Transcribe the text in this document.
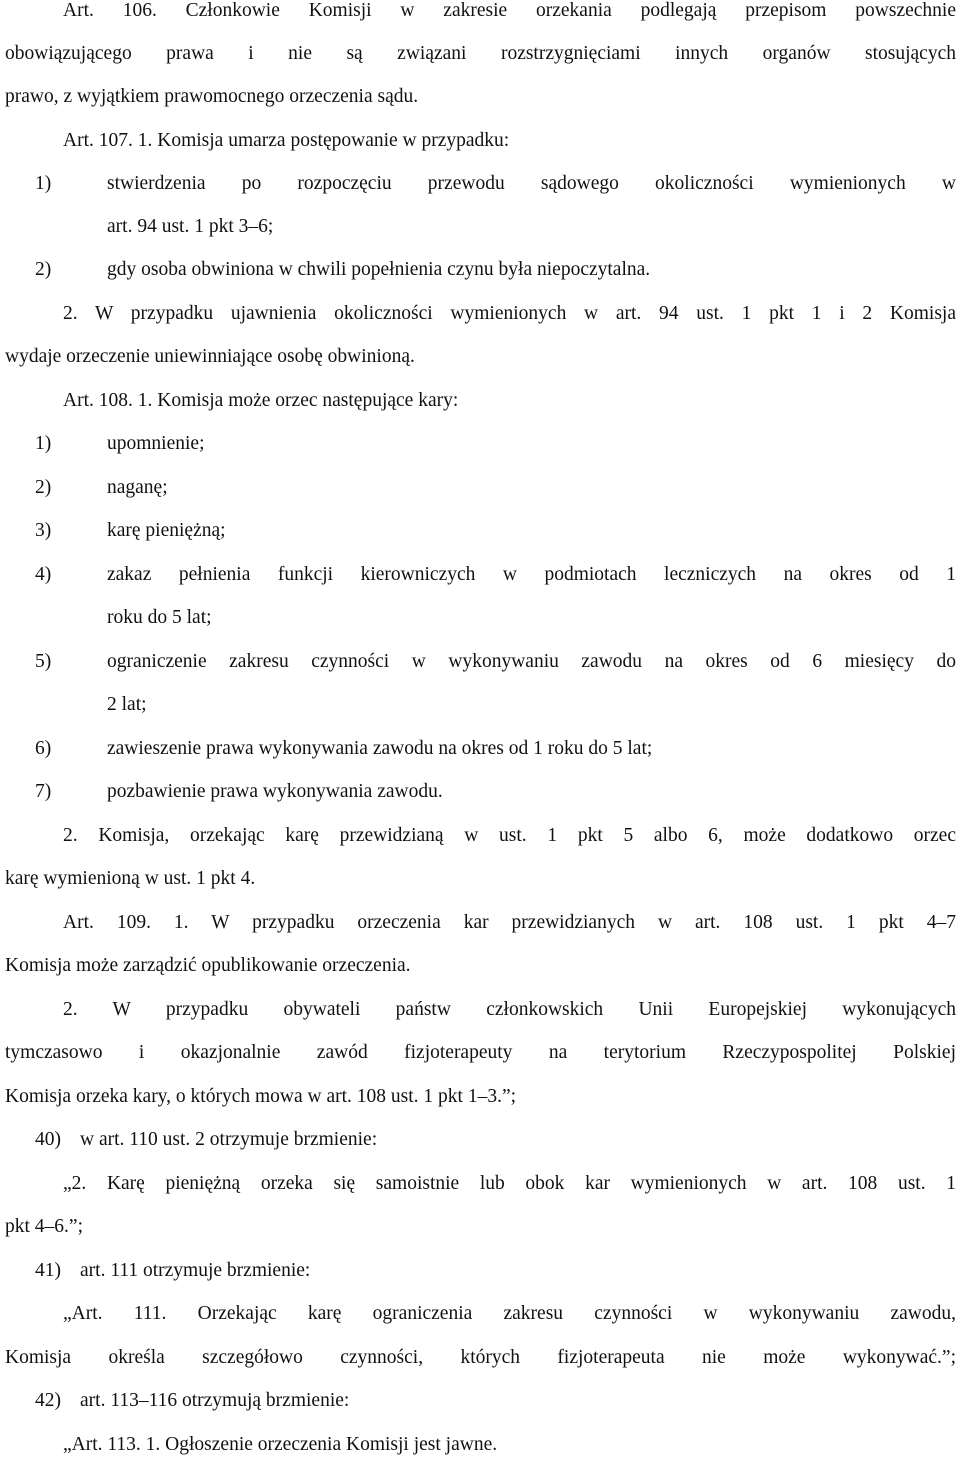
Art. 106. Członkowie Komisji w zakresie orzekania podlegają przepisom powszechnie
obowiązującego prawa i nie są związani rozstrzygnięciami innych organów stosujących
prawo, z wyjątkiem prawomocnego orzeczenia sądu.
Art. 107. 1. Komisja umarza postępowanie w przypadku:
1)	stwierdzenia po rozpoczęciu przewodu sądowego okoliczności wymienionych w
art. 94 ust. 1 pkt 3–6;
2)	gdy osoba obwiniona w chwili popełnienia czynu była niepoczytalna.
2. W przypadku ujawnienia okoliczności wymienionych w art. 94 ust. 1 pkt 1 i 2 Komisja
wydaje orzeczenie uniewinniające osobę obwinioną.
Art. 108. 1. Komisja może orzec następujące kary:
1)	upomnienie;
2)	naganę;
3)	karę pieniężną;
4)	zakaz pełnienia funkcji kierowniczych w podmiotach leczniczych na okres od 1
roku do 5 lat;
5)	ograniczenie zakresu czynności w wykonywaniu zawodu na okres od 6 miesięcy do
2 lat;
6)	zawieszenie prawa wykonywania zawodu na okres od 1 roku do 5 lat;
7)	pozbawienie prawa wykonywania zawodu.
2. Komisja, orzekając karę przewidzianą w ust. 1 pkt 5 albo 6, może dodatkowo orzec
karę wymienioną w ust. 1 pkt 4.
Art. 109. 1. W przypadku orzeczenia kar przewidzianych w art. 108 ust. 1 pkt 4–7
Komisja może zarządzić opublikowanie orzeczenia.
2. W przypadku obywateli państw członkowskich Unii Europejskiej wykonujących
tymczasowo i okazjonalnie zawód fizjoterapeuty na terytorium Rzeczypospolitej Polskiej
Komisja orzeka kary, o których mowa w art. 108 ust. 1 pkt 1–3.”;
40) w art. 110 ust. 2 otrzymuje brzmienie:
„2. Karę pieniężną orzeka się samoistnie lub obok kar wymienionych w art. 108 ust. 1
pkt 4–6.”;
41) art. 111 otrzymuje brzmienie:
„Art. 111. Orzekając karę ograniczenia zakresu czynności w wykonywaniu zawodu,
Komisja określa szczegółowo czynności, których fizjoterapeuta nie może wykonywać.”;
42) art. 113–116 otrzymują brzmienie:
„Art. 113. 1. Ogłoszenie orzeczenia Komisji jest jawne.
